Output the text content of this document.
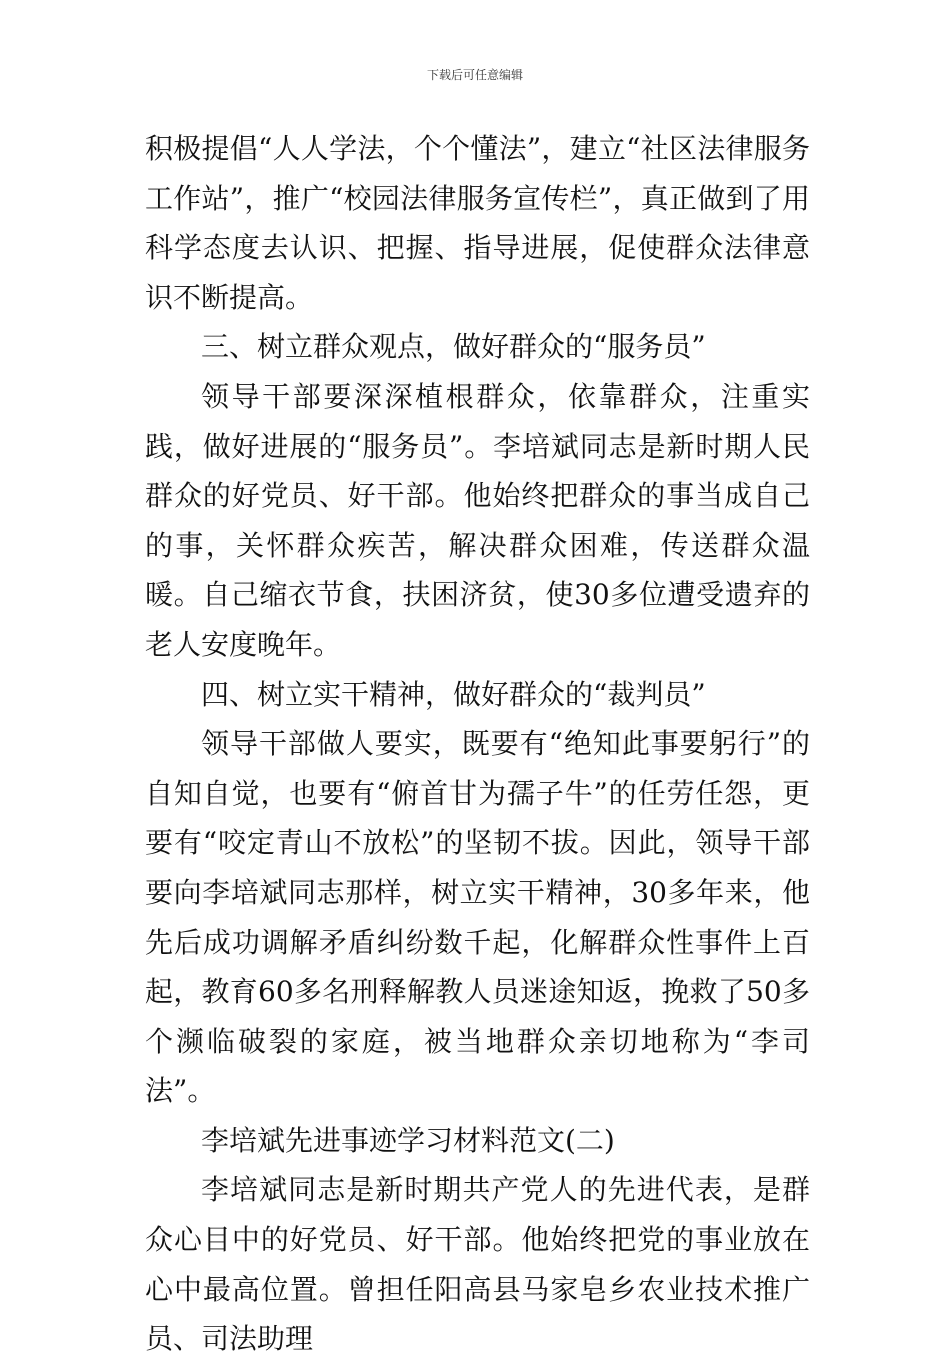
下载后可任意编辑

积极提倡“人人学法，个个懂法”，建立“社区法律服务工作站”，推广“校园法律服务宣传栏”，真正做到了用科学态度去认识、把握、指导进展，促使群众法律意识不断提高。

三、树立群众观点，做好群众的“服务员”

领导干部要深深植根群众，依靠群众，注重实践，做好进展的“服务员”。李培斌同志是新时期人民群众的好党员、好干部。他始终把群众的事当成自己的事，关怀群众疾苦，解决群众困难，传送群众温暖。自己缩衣节食，扶困济贫，使30多位遭受遗弃的老人安度晚年。

四、树立实干精神，做好群众的“裁判员”

领导干部做人要实，既要有“绝知此事要躬行”的自知自觉，也要有“俯首甘为孺子牛”的任劳任怨，更要有“咬定青山不放松”的坚韧不拔。因此，领导干部要向李培斌同志那样，树立实干精神，30多年来，他先后成功调解矛盾纠纷数千起，化解群众性事件上百起，教育60多名刑释解教人员迷途知返，挽救了50多个濒临破裂的家庭，被当地群众亲切地称为“李司法”。

李培斌先进事迹学习材料范文(二)

李培斌同志是新时期共产党人的先进代表，是群众心目中的好党员、好干部。他始终把党的事业放在心中最高位置。曾担任阳高县马家皂乡农业技术推广员、司法助理
